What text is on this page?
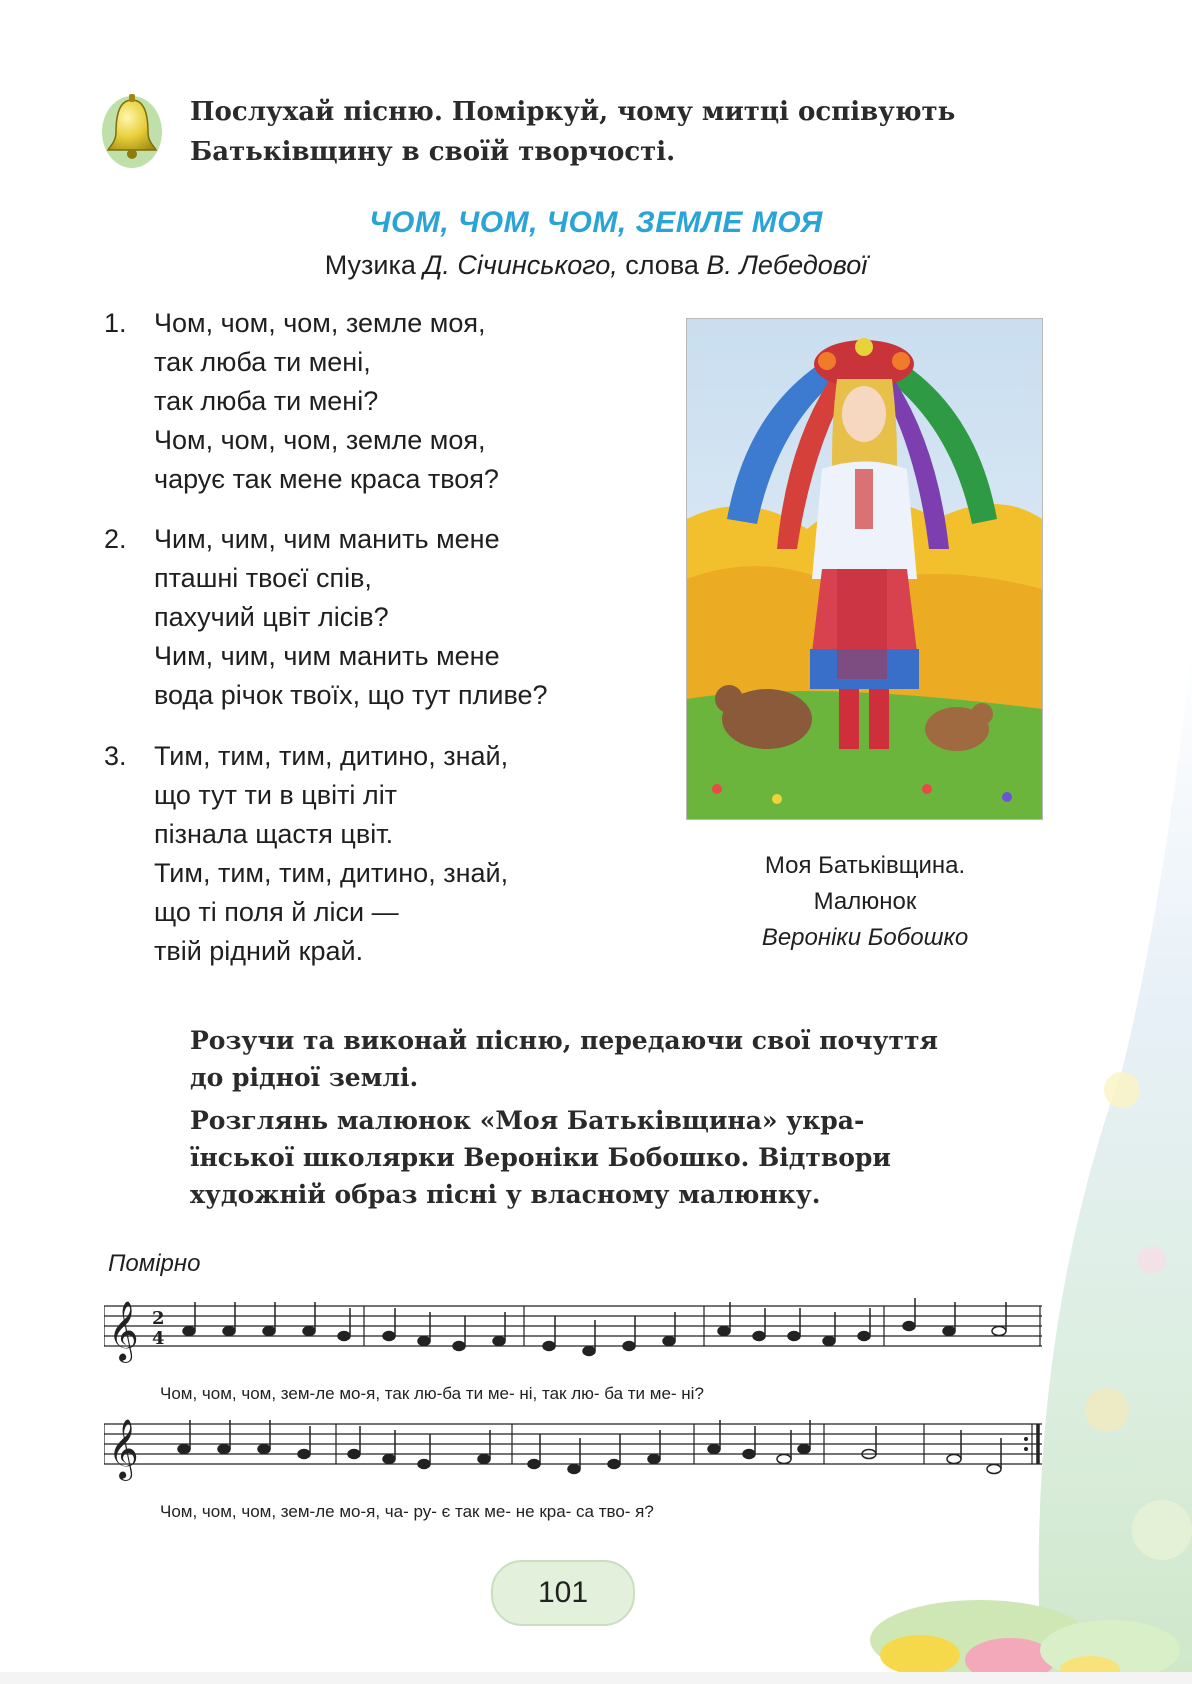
Послухай пісню. Поміркуй, чому митці оспівують
Батьківщину в своїй творчості.
ЧОМ, ЧОМ, ЧОМ, ЗЕМЛЕ МОЯ
Музика Д. Січинського, слова В. Лебедової
1. Чом, чом, чом, земле моя,
так люба ти мені,
так люба ти мені?
Чом, чом, чом, земле моя,
чарує так мене краса твоя?
2. Чим, чим, чим манить мене
пташні твоєї спів,
пахучий цвіт лісів?
Чим, чим, чим манить мене
вода річок твоїх, що тут пливе?
3. Тим, тим, тим, дитино, знай,
що тут ти в цвіті літ
пізнала щастя цвіт.
Тим, тим, тим, дитино, знай,
що ті поля й ліси —
твій рідний край.
Моя Батьківщина.
Малюнок
Вероніки Бобошко
Розучи та виконай пісню, передаючи свої почуття
до рідної землі.
Розглянь малюнок «Моя Батьківщина» укра-
їнської школярки Вероніки Бобошко. Відтвори
художній образ пісні у власному малюнку.
Помірно
𝄞 2
4
Чом, чом, чом, зем-ле мо-я, так лю-ба ти ме- ні, так лю- ба ти ме- ні?
𝄞
Чом, чом, чом, зем-ле мо-я, ча- ру- є так ме- не кра- са тво- я?
101
